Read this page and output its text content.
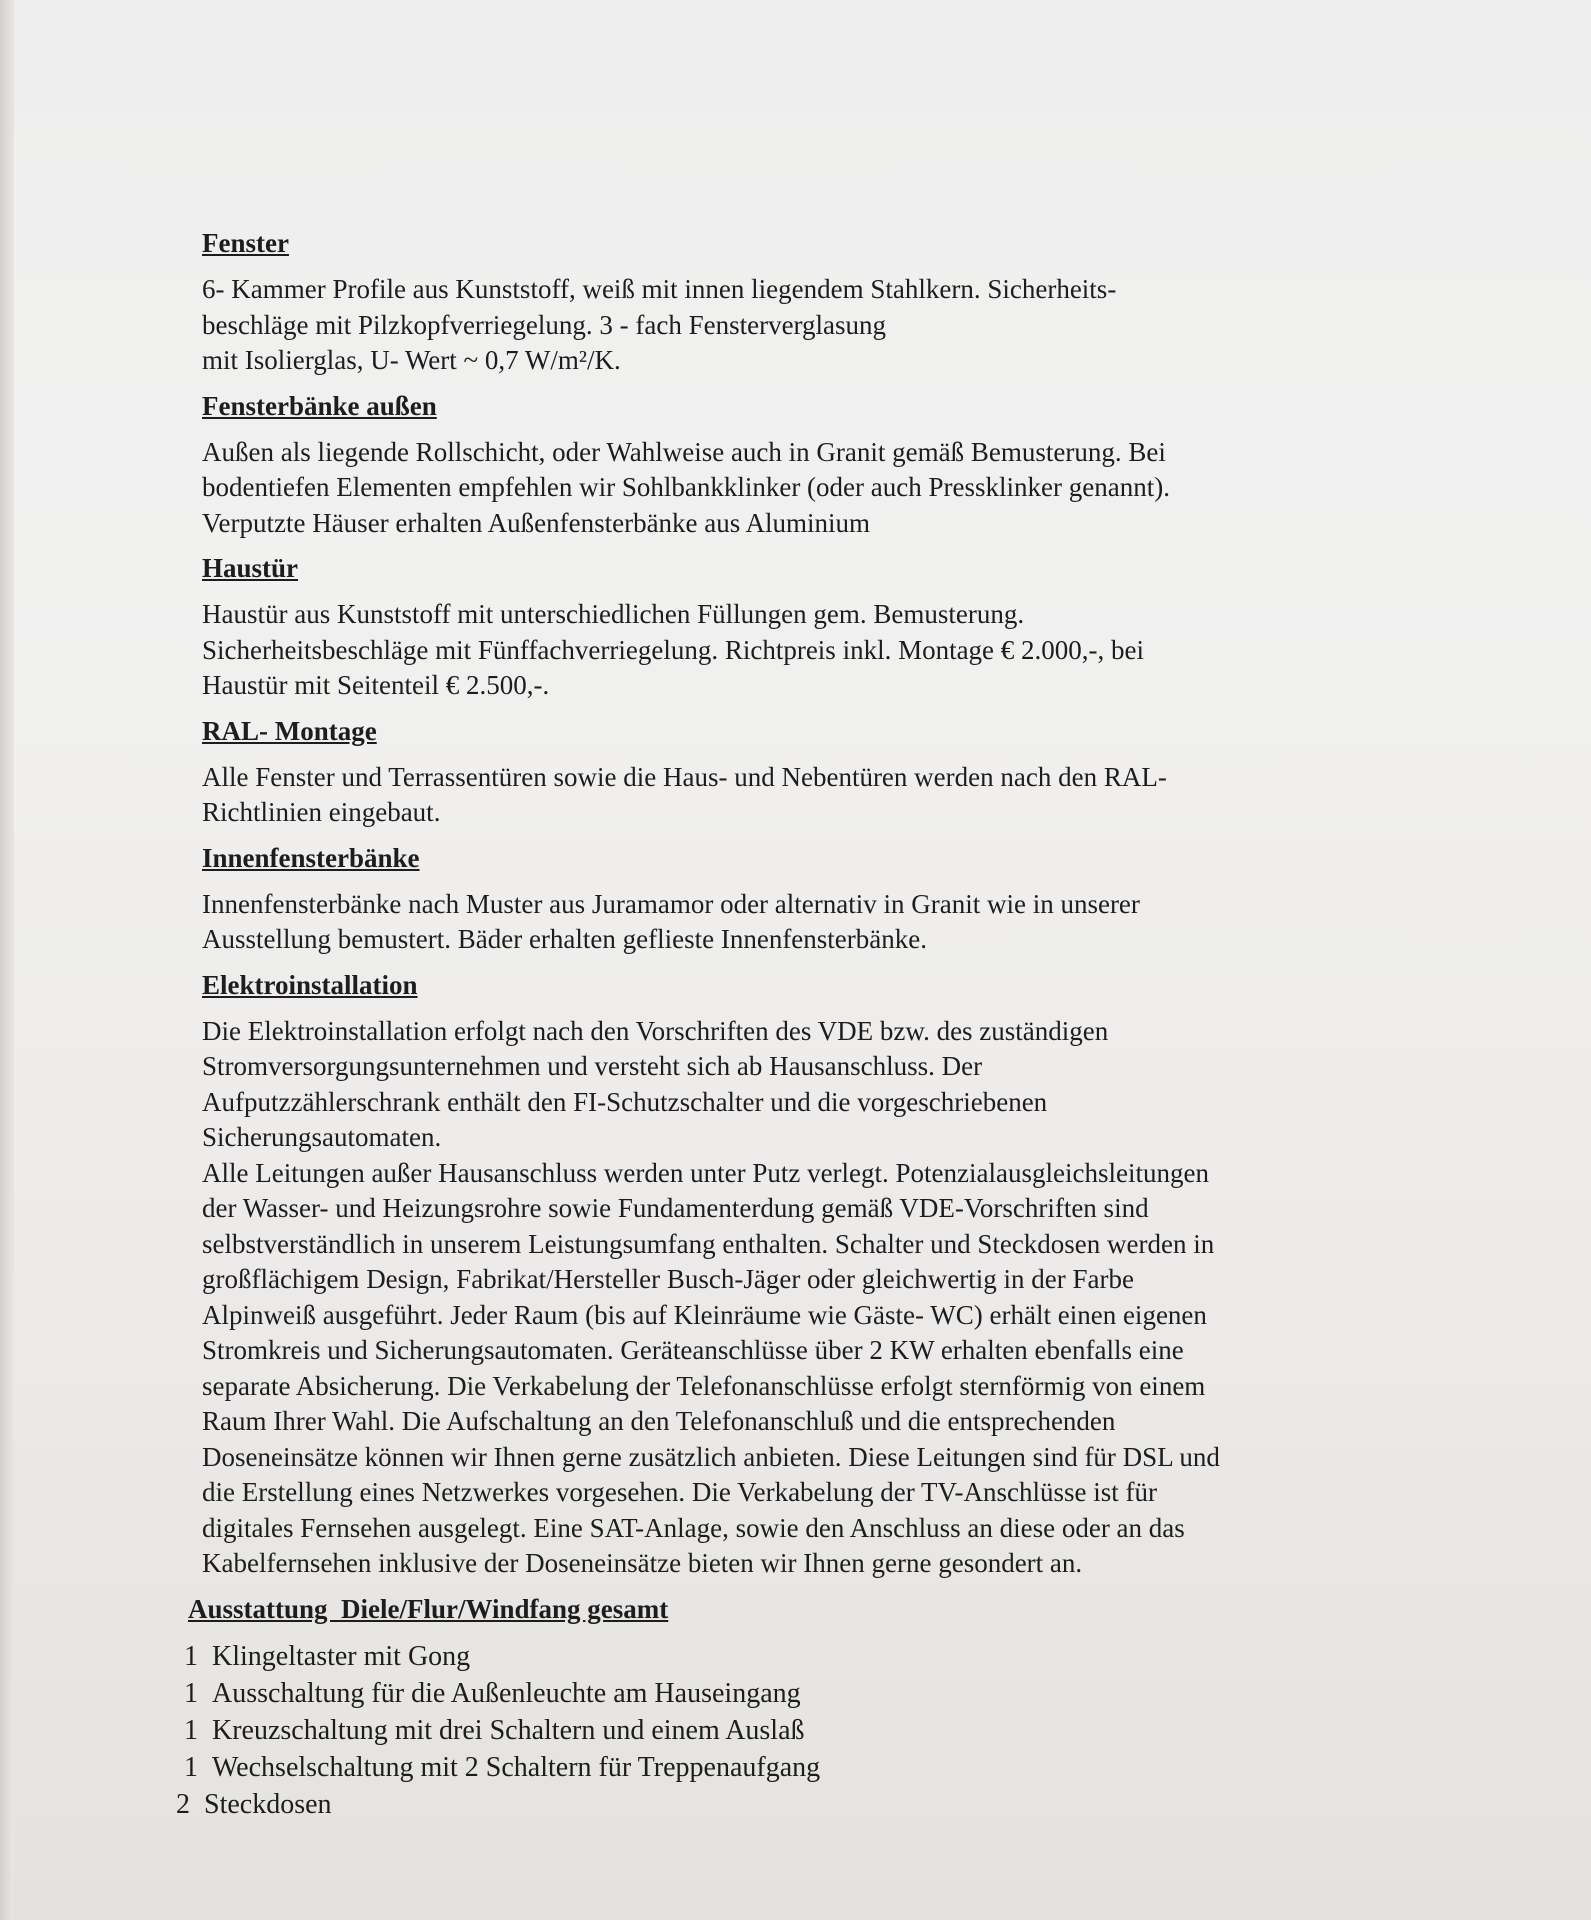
Fenster
6- Kammer Profile aus Kunststoff, weiß mit innen liegendem Stahlkern. Sicherheits-
beschläge mit Pilzkopfverriegelung. 3 - fach Fensterverglasung
mit Isolierglas, U- Wert ~ 0,7 W/m²/K.
Fensterbänke außen
Außen als liegende Rollschicht, oder Wahlweise auch in Granit gemäß Bemusterung. Bei
bodentiefen Elementen empfehlen wir Sohlbankklinker (oder auch Pressklinker genannt).
Verputzte Häuser erhalten Außenfensterbänke aus Aluminium
Haustür
Haustür aus Kunststoff mit unterschiedlichen Füllungen gem. Bemusterung.
Sicherheitsbeschläge mit Fünffachverriegelung. Richtpreis inkl. Montage € 2.000,-, bei
Haustür mit Seitenteil € 2.500,-.
RAL- Montage
Alle Fenster und Terrassentüren sowie die Haus- und Nebentüren werden nach den RAL-
Richtlinien eingebaut.
Innenfensterbänke
Innenfensterbänke nach Muster aus Juramamor oder alternativ in Granit wie in unserer
Ausstellung bemustert. Bäder erhalten geflieste Innenfensterbänke.
Elektroinstallation
Die Elektroinstallation erfolgt nach den Vorschriften des VDE bzw. des zuständigen
Stromversorgungsunternehmen und versteht sich ab Hausanschluss. Der
Aufputzzählerschrank enthält den FI-Schutzschalter und die vorgeschriebenen
Sicherungsautomaten.
Alle Leitungen außer Hausanschluss werden unter Putz verlegt. Potenzialausgleichsleitungen
der Wasser- und Heizungsrohre sowie Fundamenterdung gemäß VDE-Vorschriften sind
selbstverständlich in unserem Leistungsumfang enthalten. Schalter und Steckdosen werden in
großflächigem Design, Fabrikat/Hersteller Busch-Jäger oder gleichwertig in der Farbe
Alpinweiß ausgeführt. Jeder Raum (bis auf Kleinräume wie Gäste- WC) erhält einen eigenen
Stromkreis und Sicherungsautomaten. Geräteanschlüsse über 2 KW erhalten ebenfalls eine
separate Absicherung. Die Verkabelung der Telefonanschlüsse erfolgt sternförmig von einem
Raum Ihrer Wahl. Die Aufschaltung an den Telefonanschluß und die entsprechenden
Doseneinsätze können wir Ihnen gerne zusätzlich anbieten. Diese Leitungen sind für DSL und
die Erstellung eines Netzwerkes vorgesehen. Die Verkabelung der TV-Anschlüsse ist für
digitales Fernsehen ausgelegt. Eine SAT-Anlage, sowie den Anschluss an diese oder an das
Kabelfernsehen inklusive der Doseneinsätze bieten wir Ihnen gerne gesondert an.
Ausstattung  Diele/Flur/Windfang gesamt
1 Klingeltaster mit Gong
1 Ausschaltung für die Außenleuchte am Hauseingang
1 Kreuzschaltung mit drei Schaltern und einem Auslaß
1 Wechselschaltung mit 2 Schaltern für Treppenaufgang
2 Steckdosen
